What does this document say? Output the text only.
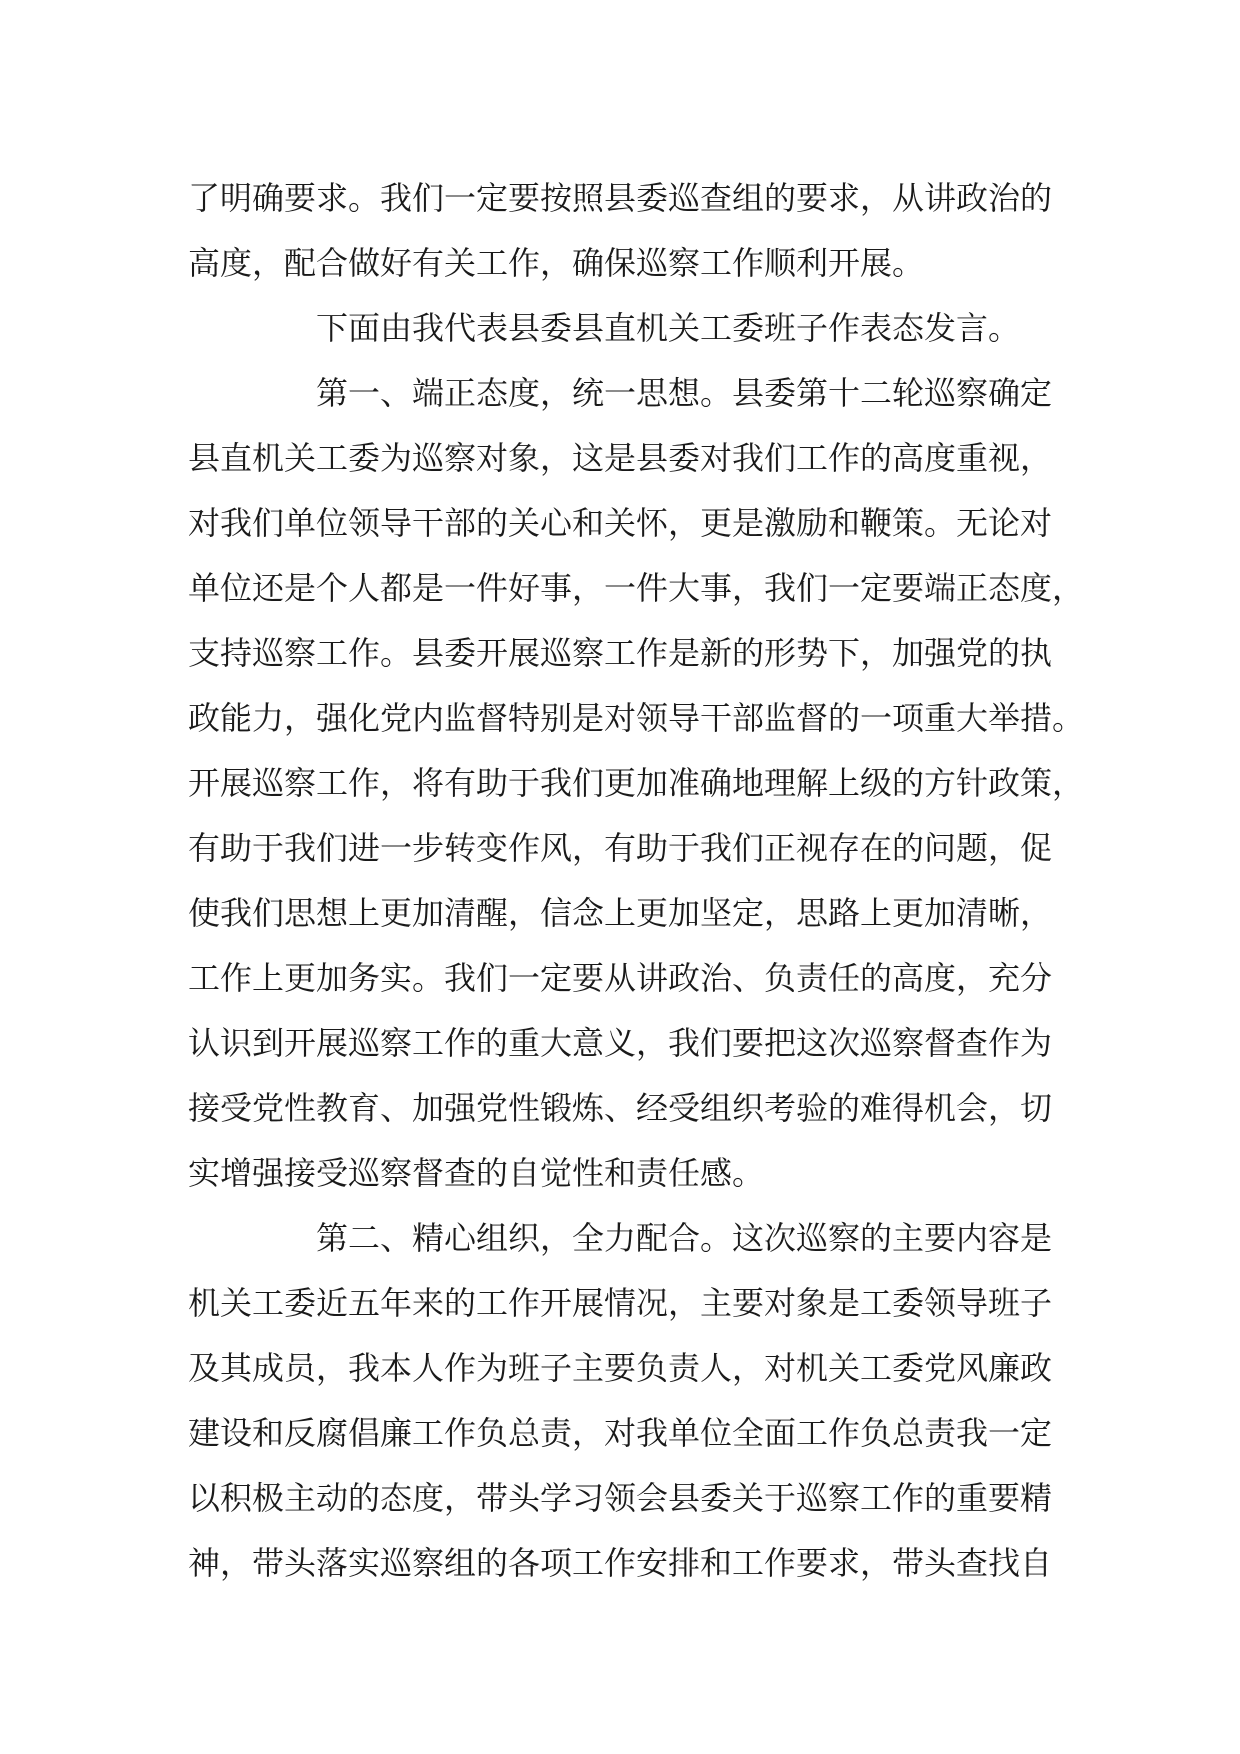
了明确要求。我们一定要按照县委巡查组的要求，从讲政治的
高度，配合做好有关工作，确保巡察工作顺利开展。
下面由我代表县委县直机关工委班子作表态发言。
第一、端正态度，统一思想。县委第十二轮巡察确定
县直机关工委为巡察对象，这是县委对我们工作的高度重视，
对我们单位领导干部的关心和关怀，更是激励和鞭策。无论对
单位还是个人都是一件好事，一件大事，我们一定要端正态度，
支持巡察工作。县委开展巡察工作是新的形势下，加强党的执
政能力，强化党内监督特别是对领导干部监督的一项重大举措。
开展巡察工作，将有助于我们更加准确地理解上级的方针政策，
有助于我们进一步转变作风，有助于我们正视存在的问题，促
使我们思想上更加清醒，信念上更加坚定，思路上更加清晰，
工作上更加务实。我们一定要从讲政治、负责任的高度，充分
认识到开展巡察工作的重大意义，我们要把这次巡察督查作为
接受党性教育、加强党性锻炼、经受组织考验的难得机会，切
实增强接受巡察督查的自觉性和责任感。
第二、精心组织，全力配合。这次巡察的主要内容是
机关工委近五年来的工作开展情况，主要对象是工委领导班子
及其成员，我本人作为班子主要负责人，对机关工委党风廉政
建设和反腐倡廉工作负总责，对我单位全面工作负总责我一定
以积极主动的态度，带头学习领会县委关于巡察工作的重要精
神，带头落实巡察组的各项工作安排和工作要求，带头查找自
